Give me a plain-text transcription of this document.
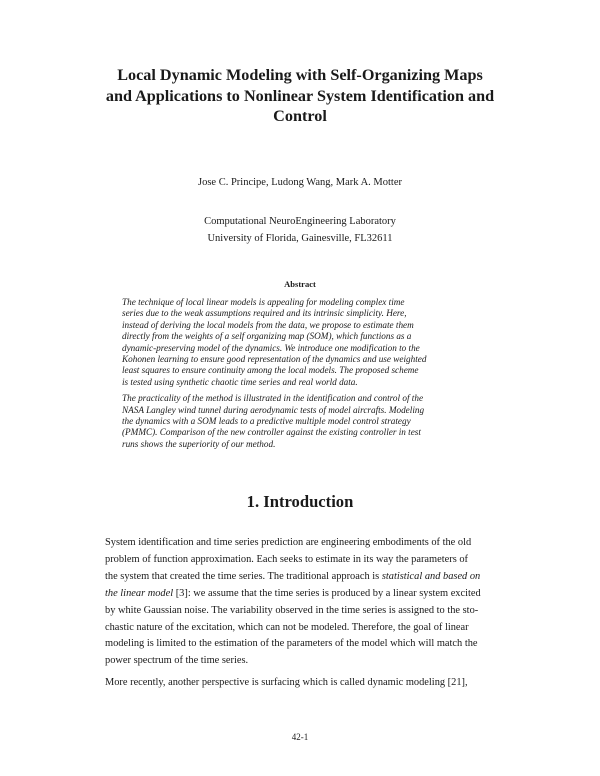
Local Dynamic Modeling with Self-Organizing Maps
and Applications to Nonlinear System Identification and
Control
Jose C. Principe, Ludong Wang, Mark A. Motter
Computational NeuroEngineering Laboratory
University of Florida, Gainesville, FL32611
Abstract

The technique of local linear models is appealing for modeling complex time
series due to the weak assumptions required and its intrinsic simplicity. Here,
instead of deriving the local models from the data, we propose to estimate them
directly from the weights of a self organizing map (SOM), which functions as a
dynamic-preserving model of the dynamics. We introduce one modification to the
Kohonen learning to ensure good representation of the dynamics and use weighted
least squares to ensure continuity among the local models. The proposed scheme
is tested using synthetic chaotic time series and real world data.

The practicality of the method is illustrated in the identification and control of the
NASA Langley wind tunnel during aerodynamic tests of model aircrafts. Modeling
the dynamics with a SOM leads to a predictive multiple model control strategy
(PMMC). Comparison of the new controller against the existing controller in test
runs shows the superiority of our method.

1. Introduction

System identification and time series prediction are engineering embodiments of the old
problem of function approximation. Each seeks to estimate in its way the parameters of
the system that created the time series. The traditional approach is statistical and based on
the linear model [3]: we assume that the time series is produced by a linear system excited
by white Gaussian noise. The variability observed in the time series is assigned to the sto-
chastic nature of the excitation, which can not be modeled. Therefore, the goal of linear
modeling is limited to the estimation of the parameters of the model which will match the
power spectrum of the time series.

More recently, another perspective is surfacing which is called dynamic modeling [21],

42-1
